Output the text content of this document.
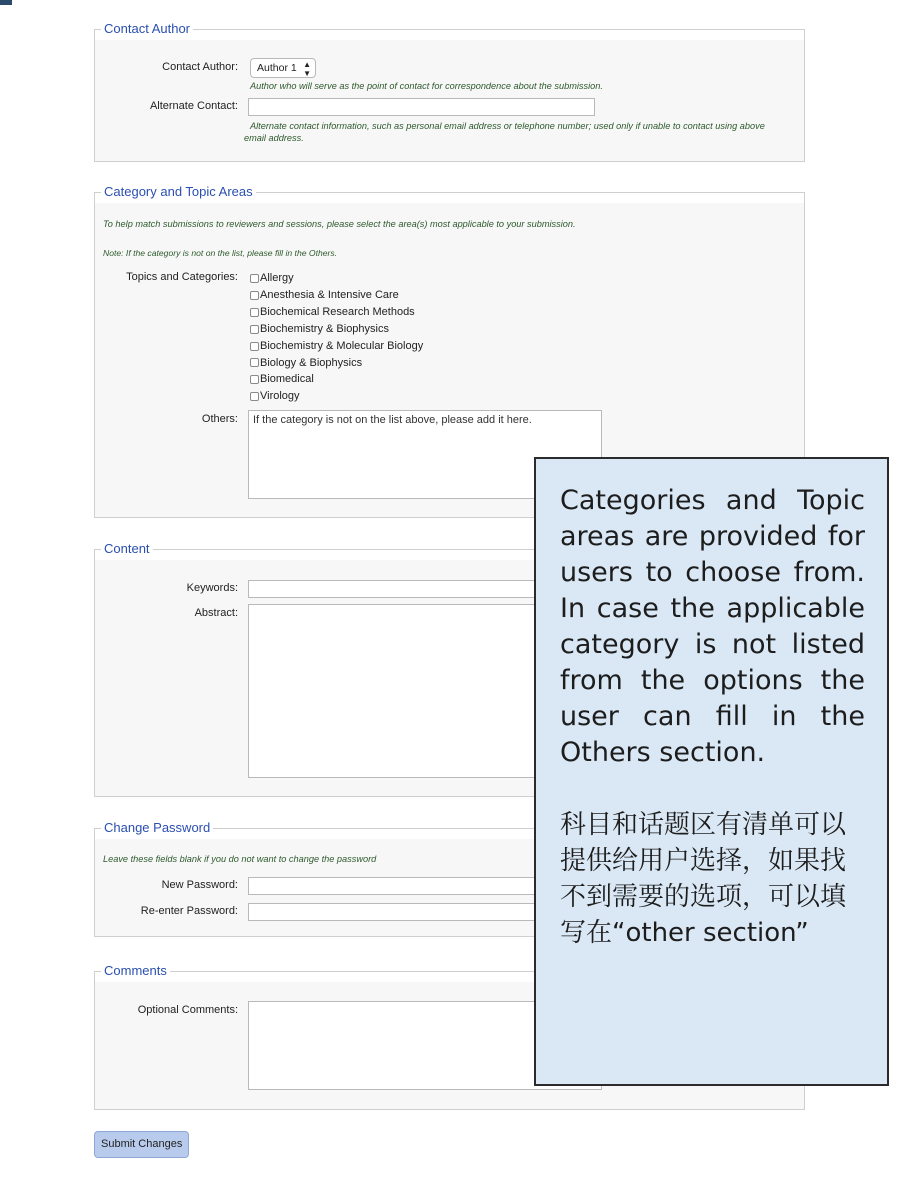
Contact Author
Contact Author:	Author 1 ▲
▼
Author who will serve as the point of contact for correspondence about the submission.
Alternate Contact:
Alternate contact information, such as personal email address or telephone number; used only if unable to contact using above email address.
Category and Topic Areas
To help match submissions to reviewers and sessions, please select the area(s) most applicable to your submission.
Note: If the category is not on the list, please fill in the Others.
Topics and Categories: Allergy
Anesthesia & Intensive Care
Biochemical Research Methods
Biochemistry & Biophysics
Biochemistry & Molecular Biology
Biology & Biophysics
Biomedical
Virology
Others:
If the category is not on the list above, please add it here.
Content
Keywords:
Abstract:
Change Password
Leave these fields blank if you do not want to change the password
New Password:
Re-enter Password:
Comments
Optional Comments:
Submit Changes

Categories and Topic areas are provided for users to choose from. In case the applicable category is not listed from the options the user can fill in the Others section.

科目和话题区有清单可以提供给用户选择，如果找不到需要的选项，可以填写在“other section”
